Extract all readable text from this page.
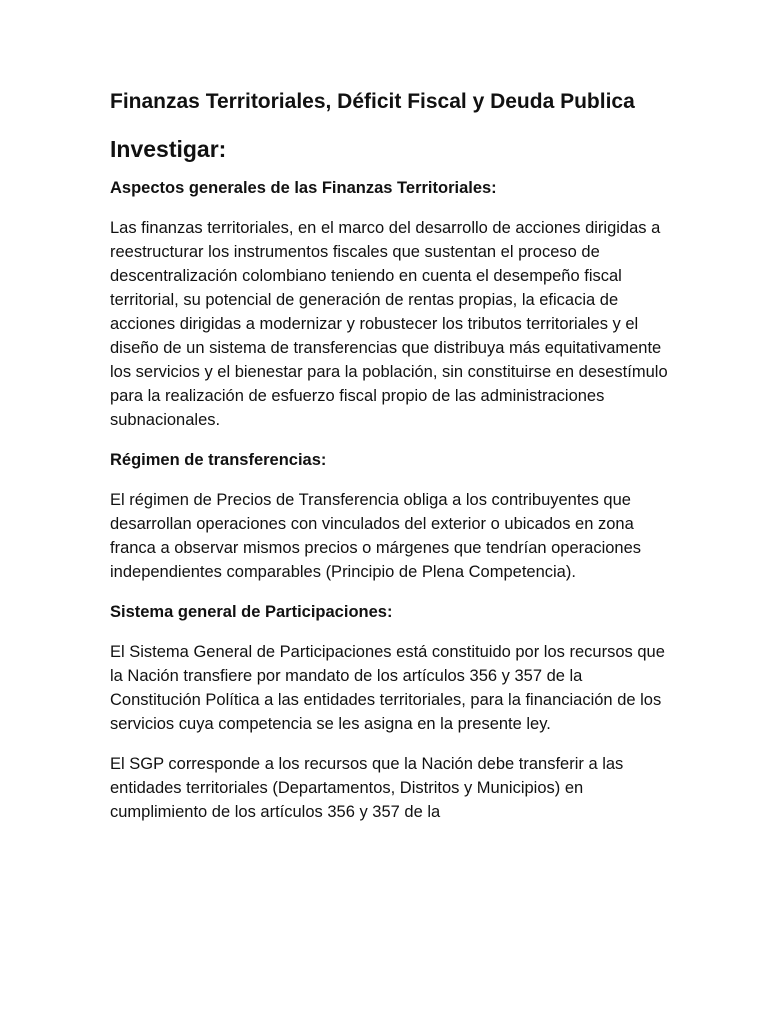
Finanzas Territoriales, Déficit Fiscal y Deuda Publica
Investigar:
Aspectos generales de las Finanzas Territoriales:
Las finanzas territoriales, en el marco del desarrollo de acciones dirigidas a reestructurar los instrumentos fiscales que sustentan el proceso de descentralización colombiano teniendo en cuenta el desempeño fiscal territorial, su potencial de generación de rentas propias, la eficacia de acciones dirigidas a modernizar y robustecer los tributos territoriales y el diseño de un sistema de transferencias que distribuya más equitativamente los servicios y el bienestar para la población, sin constituirse en desestímulo para la realización de esfuerzo fiscal propio de las administraciones subnacionales.
Régimen de transferencias:
El régimen de Precios de Transferencia obliga a los contribuyentes que desarrollan operaciones con vinculados del exterior o ubicados en zona franca a observar mismos precios o márgenes que tendrían operaciones independientes comparables (Principio de Plena Competencia).
Sistema general de Participaciones:
El Sistema General de Participaciones está constituido por los recursos que la Nación transfiere por mandato de los artículos 356 y 357 de la Constitución Política a las entidades territoriales, para la financiación de los servicios cuya competencia se les asigna en la presente ley.
El SGP corresponde a los recursos que la Nación debe transferir a las entidades territoriales (Departamentos, Distritos y Municipios) en cumplimiento de los artículos 356 y 357 de la
